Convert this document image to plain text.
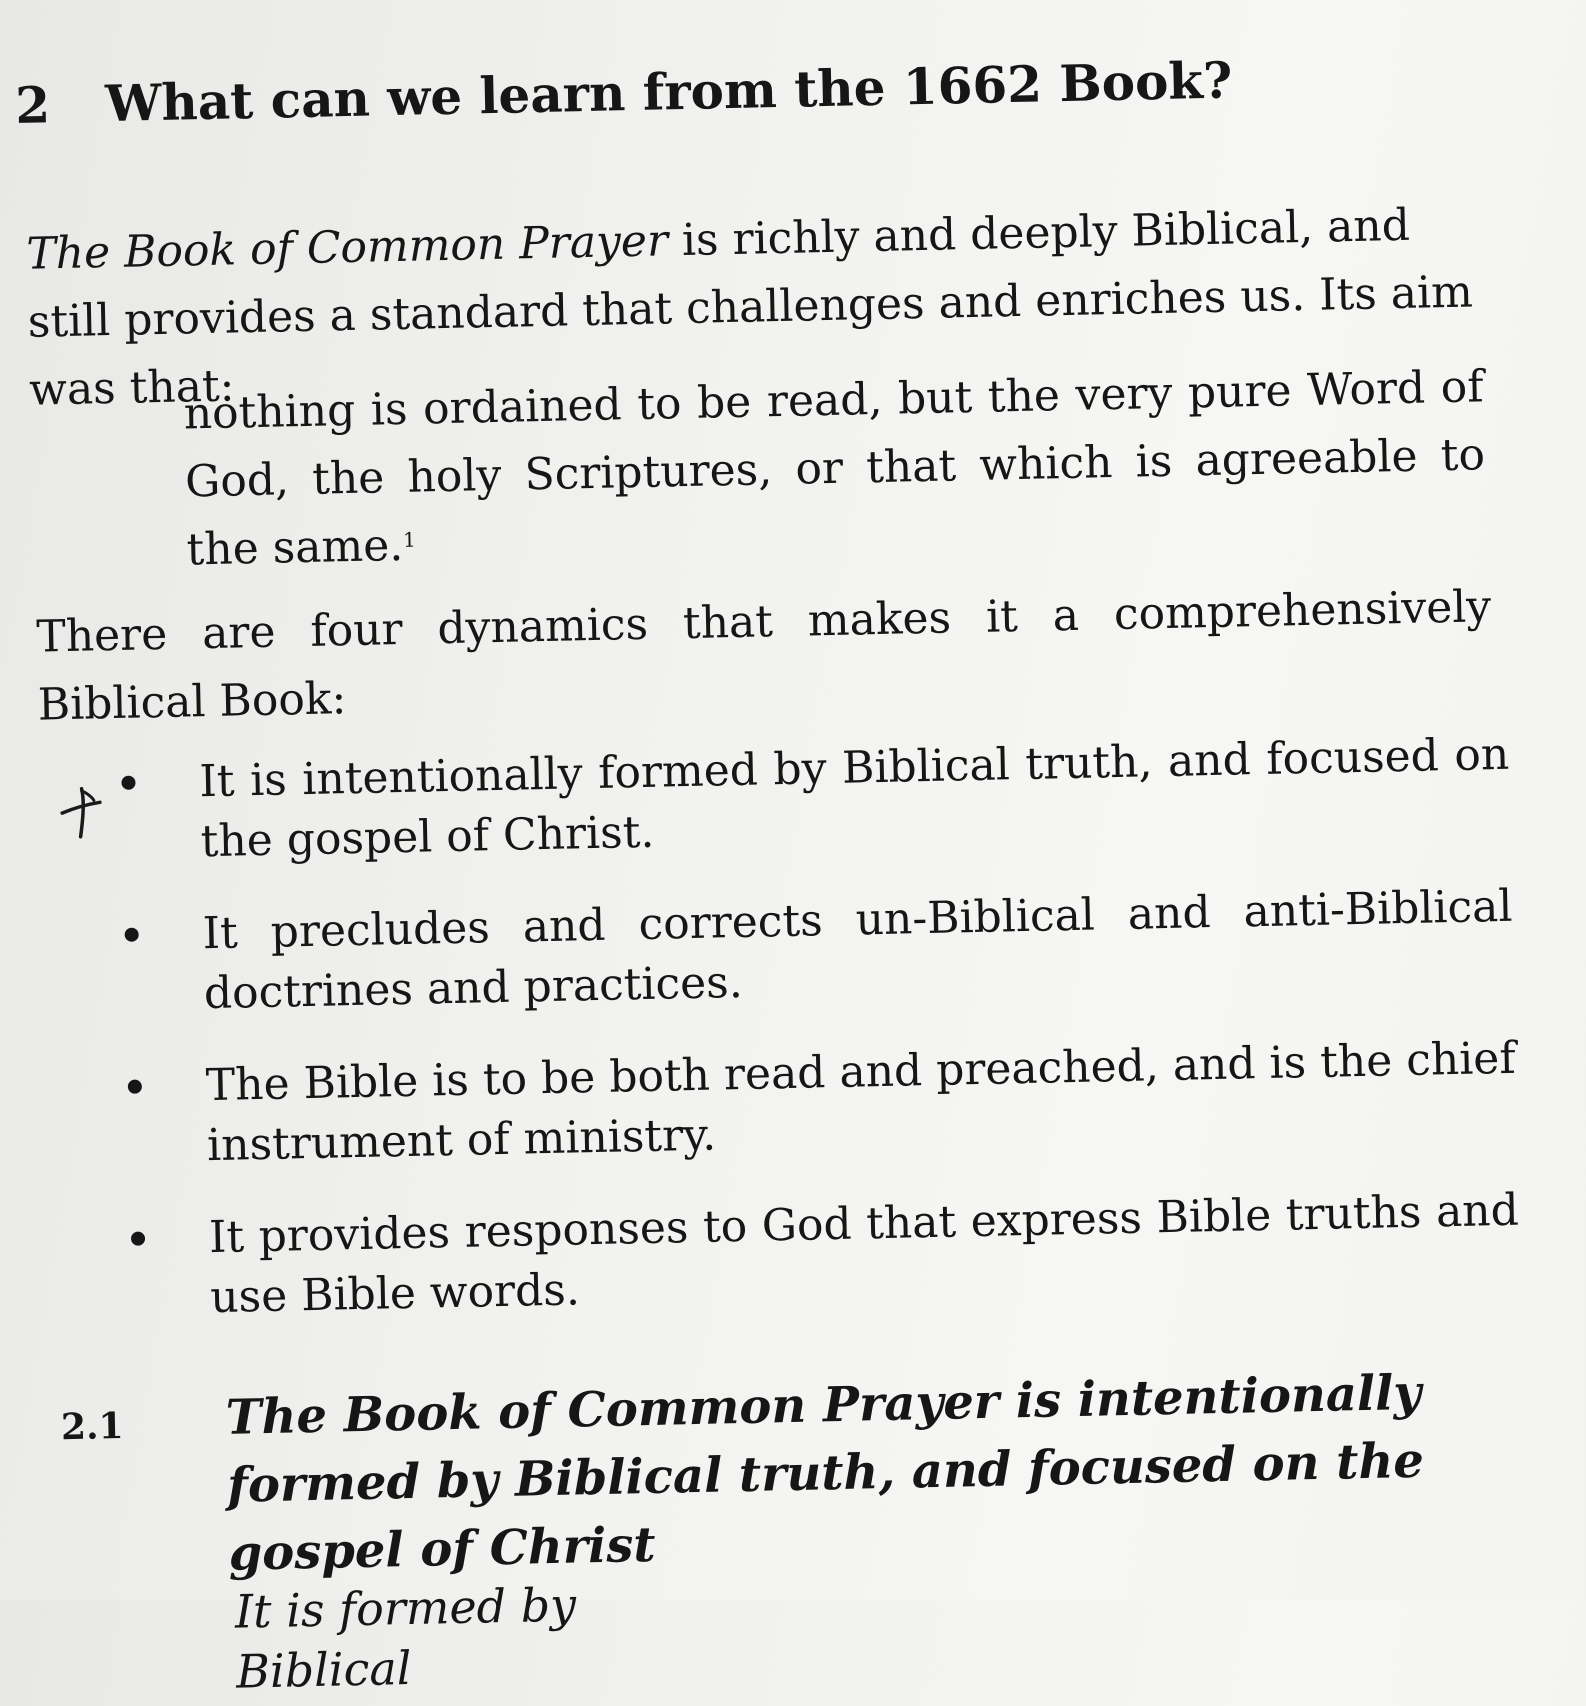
2 What can we learn from the 1662 Book?

The Book of Common Prayer is richly and deeply Biblical, and still provides a standard that challenges and enriches us. Its aim was that:

nothing is ordained to be read, but the very pure Word of God, the holy Scriptures, or that which is agreeable to the same.$^1$

There are four dynamics that makes it a comprehensively Biblical Book:

It is intentionally formed by Biblical truth, and focused on the gospel of Christ.
It precludes and corrects un-Biblical and anti-Biblical doctrines and practices.
The Bible is to be both read and preached, and is the chief instrument of ministry.
It provides responses to God that express Bible truths and use Bible words.
2.1	The Book of Common Prayer is intentionally formed by Biblical truth, and focused on the gospel of Christ
It is formed by Biblical
